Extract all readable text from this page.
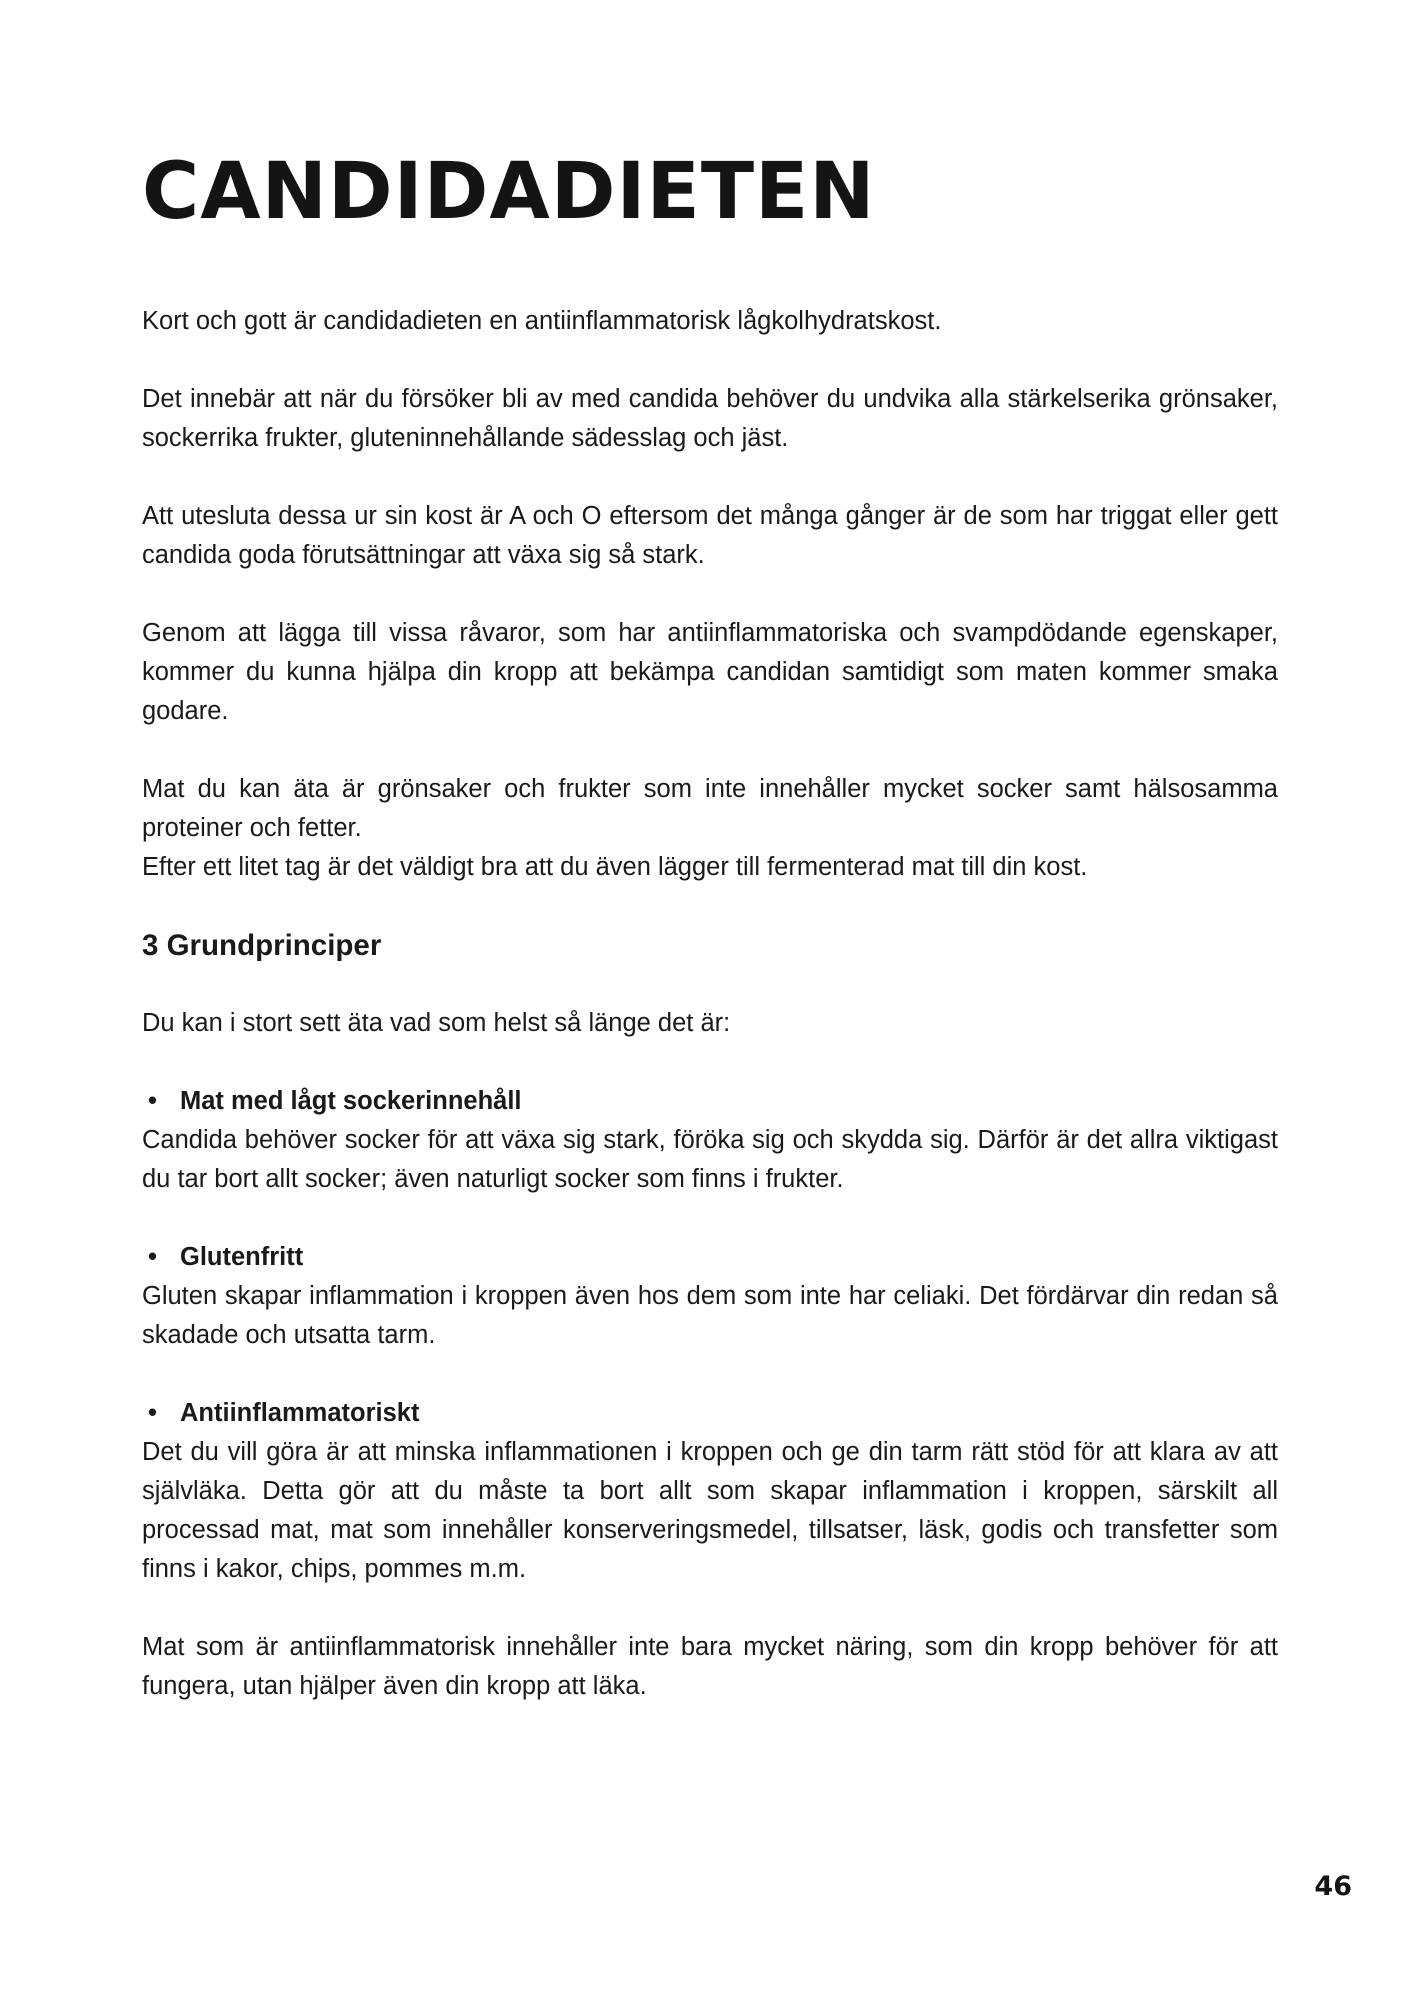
CANDIDADIETEN

Kort och gott är candidadieten en antiinflammatorisk lågkolhydratskost.

Det innebär att när du försöker bli av med candida behöver du undvika alla stärkelserika grönsaker, sockerrika frukter, gluteninnehållande sädesslag och jäst.

Att utesluta dessa ur sin kost är A och O eftersom det många gånger är de som har triggat eller gett candida goda förutsättningar att växa sig så stark.

Genom att lägga till vissa råvaror, som har antiinflammatoriska och svampdödande egenskaper, kommer du kunna hjälpa din kropp att bekämpa candidan samtidigt som maten kommer smaka godare.

Mat du kan äta är grönsaker och frukter som inte innehåller mycket socker samt hälsosamma proteiner och fetter.

Efter ett litet tag är det väldigt bra att du även lägger till fermenterad mat till din kost.

3 Grundprinciper

Du kan i stort sett äta vad som helst så länge det är:

• Mat med lågt sockerinnehåll

Candida behöver socker för att växa sig stark, föröka sig och skydda sig. Därför är det allra viktigast du tar bort allt socker; även naturligt socker som finns i frukter.

• Glutenfritt

Gluten skapar inflammation i kroppen även hos dem som inte har celiaki. Det fördärvar din redan så skadade och utsatta tarm.

• Antiinflammatoriskt

Det du vill göra är att minska inflammationen i kroppen och ge din tarm rätt stöd för att klara av att självläka. Detta gör att du måste ta bort allt som skapar inflammation i kroppen, särskilt all processad mat, mat som innehåller konserveringsmedel, tillsatser, läsk, godis och transfetter som finns i kakor, chips, pommes m.m.

Mat som är antiinflammatorisk innehåller inte bara mycket näring, som din kropp behöver för att fungera, utan hjälper även din kropp att läka.

46
